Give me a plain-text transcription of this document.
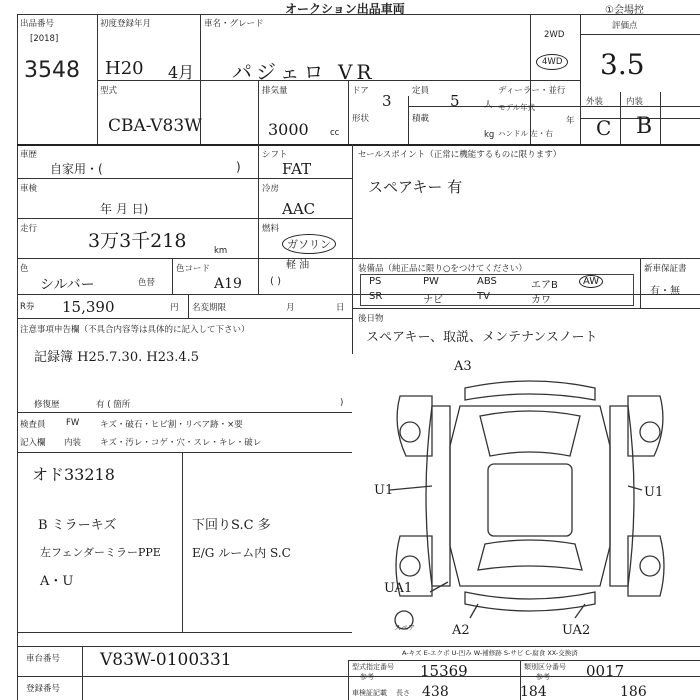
出品番号
[2018]
3548
初度登録年月
H20 4月
車名・グレード
パジェロ VR
オークション出品車両	①会場控
2WD
4WD
評価点
3.5
型式
CBA-V83W
排気量
3000	cc
ドア
3
定員
5	人
形状	積載
kg
ディーラー・並行
モデル年式
年
ハンドル 左・右
外装	内装
C B
車歴
自家用・(	)
車検
年 月 日)
走行
3万3千218	km
色
シルバー	色替
色コード
A19
R券 15,390	円 名変期限	月	日
シフト
FAT
冷房
AAC
燃料
ガソリン
軽 油
( )
セールスポイント（正常に機能するものに限ります）
スペアキー 有
装備品（純正品に限り○をつけてください）	新車保証書
有・無
PS	PW	ABS	エアB	AW
SR	ナビ	TV	カワ
後日物
スペアキー、取説、メンテナンスノート
注意事項申告欄（不具合内容等は具体的に記入して下さい）
記録簿 H25.7.30. H23.4.5
修復歴	有 ( 箇所	)
検査員
記入欄
FW
内装
キズ・破石・ヒビ割・リペア跡・×要
キズ・汚レ・コゲ・穴・スレ・キレ・破レ
オド33218
B ミラーキズ
左フェンダーミラーPPE
A・U
下回りS.C 多
E/G ルーム内 S.C
A3
U1	U1
UA1
A2	UA2
スペア
車台番号 V83W-0100331
登録番号
A-キズ E-エクボ U-凹み W-補修跡 S-サビ C-腐食 XX-交換済
型式指定番号
参考	15369	類別区分番号
参考 0017
車検証記載 長さ 438	184	186
